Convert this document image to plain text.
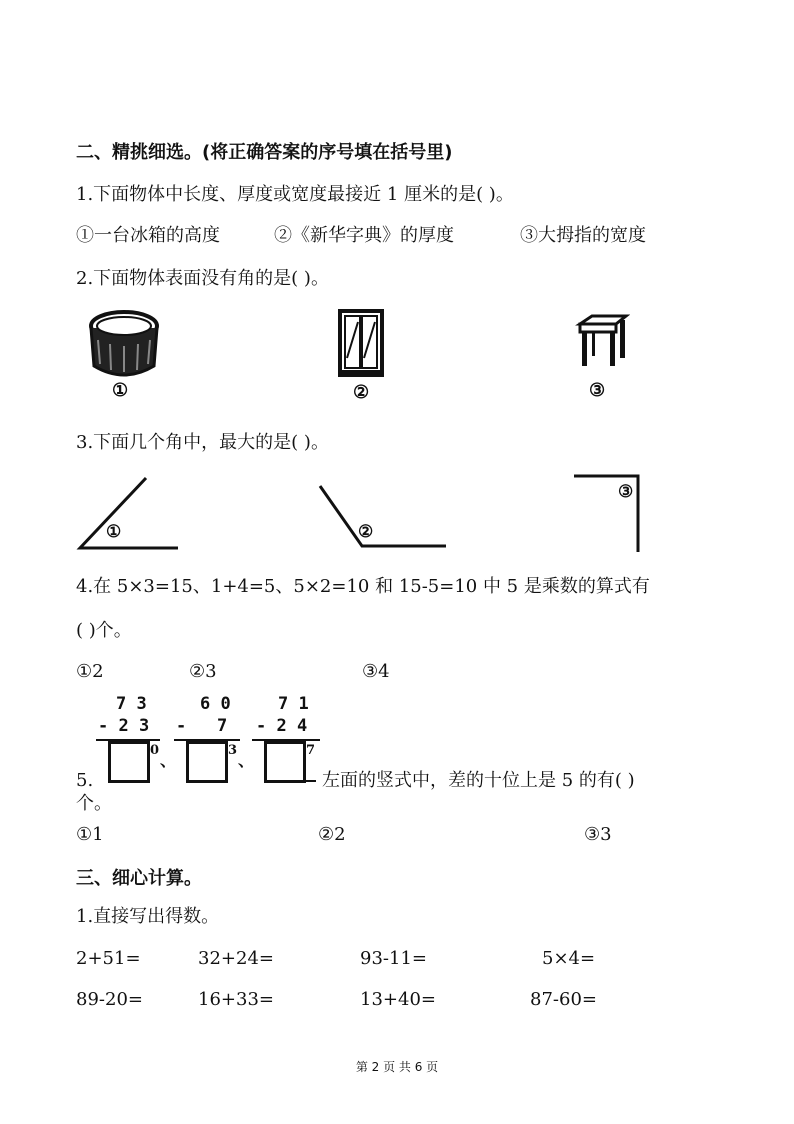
二、精挑细选。(将正确答案的序号填在括号里)
1.下面物体中长度、厚度或宽度最接近 1 厘米的是( )。
①一台冰箱的高度	②《新华字典》的厚度	③大拇指的宽度
2.下面物体表面没有角的是( )。
①	②	③
3.下面几个角中，最大的是( )。
①	②
③
4.在 5×3=15、1+4=5、5×2=10 和 15-5=10 中 5 是乘数的算式有
( )个。
①2	②3	③4
7 3
- 2 3
0
、
6 0
-   7
3
、
7 1
- 2 4
7
5.	左面的竖式中，差的十位上是 5 的有( )
个。
①1	②2	③3
三、细心计算。
1.直接写出得数。
2+51=	32+24=	93-11=	5×4=
89-20=	16+33=	13+40=	87-60=
第 2 页 共 6 页
